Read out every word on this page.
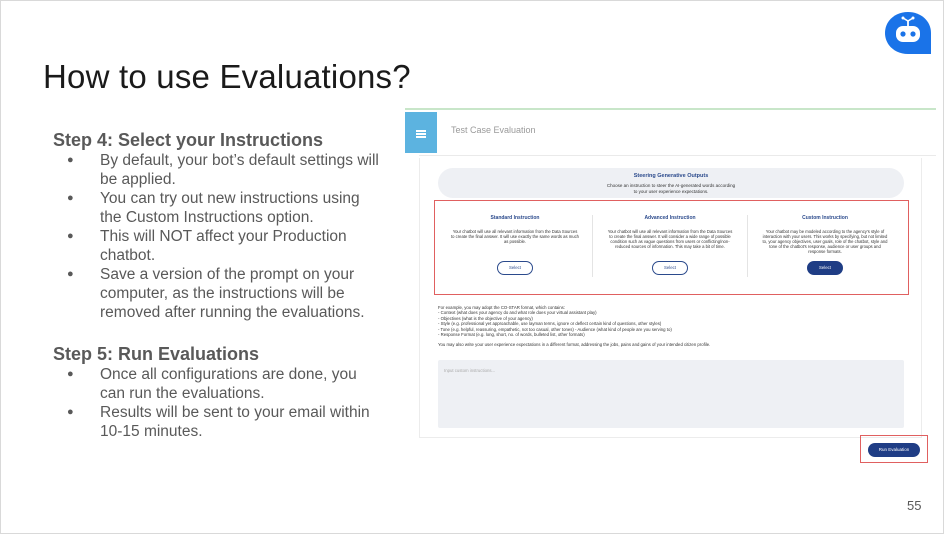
How to use Evaluations?
Step 4: Select your Instructions
● By default, your bot’s default settings will be applied.
● You can try out new instructions using the Custom Instructions option.
● This will NOT affect your Production chatbot.
● Save a version of the prompt on your computer, as the instructions will be removed after running the evaluations.
Step 5: Run Evaluations
● Once all configurations are done, you can run the evaluations.
● Results will be sent to your email within 10-15 minutes.
Test Case Evaluation
Steering Generative Outputs
Choose an instruction to steer the AI-generated words according to your user experience expectations.
Standard Instruction
Your chatbot will use all relevant information from the Data Sources to create the final answer. It will use exactly the same words as much as possible.
Select
Advanced Instruction
Your chatbot will use all relevant information from the Data Sources to create the final answer. It will consider a wide range of possible condition such as vague questions from users or conflicting/non-reduced sources of information. This may take a bit of time.
Select
Custom Instruction
Your chatbot may be modeled according to the agency's style of interaction with your users. This works by specifying, but not limited to, your agency objectives, user goals, role of the chatbot, style and tone of the chatbot's response, audience or user groups and response formats.
Select
For example, you may adopt the CO-STAR format, which contains:
- Context (what does your agency do and what role does your virtual assistant play)
- Objectives (what is the objective of your agency)
- Style (e.g. professional yet approachable, use layman terms, ignore or deflect certain kind of questions, other styles)
- Tone (e.g. helpful, reassuring, empathetic, not too casual, other tones) - Audience (what kind of people are you serving to)
- Response Format (e.g. long, short, no. of words, bulleted list, other formats)
You may also write your user experience expectations in a different format, addressing the jobs, pains and gains of your intended citizen profile.
Input custom instructions...
Run Evaluation
55
